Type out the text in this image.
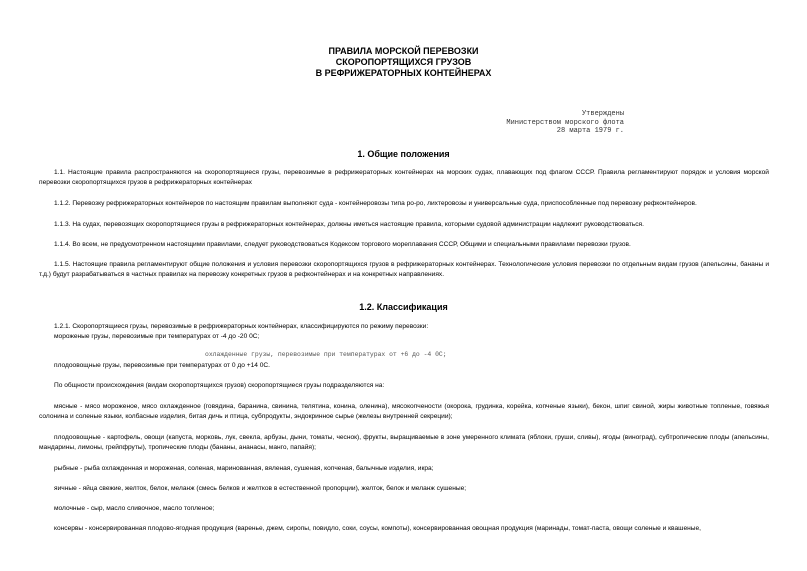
ПРАВИЛА МОРСКОЙ ПЕРЕВОЗКИ
СКОРОПОРТЯЩИХСЯ ГРУЗОВ
В РЕФРИЖЕРАТОРНЫХ КОНТЕЙНЕРАХ
Утверждены
Министерством морского флота
28 марта 1979 г.
1. Общие положения

1.1. Настоящие правила распространяются на скоропортящиеся грузы, перевозимые в рефрижераторных контейнерах на морских судах, плавающих под флагом СССР. Правила регламентируют порядок и условия морской перевозки скоропортящихся грузов в рефрижераторных контейнерах

1.1.2. Перевозку рефрижераторных контейнеров по настоящим правилам выполняют суда - контейнеровозы типа ро-ро, лихтеровозы и универсальные суда, приспособленные под перевозку рефконтейнеров.

1.1.3. На судах, перевозящих скоропортящиеся грузы в рефрижераторных контейнерах, должны иметься настоящие правила, которыми судовой администрации надлежит руководствоваться.

1.1.4. Во всем, не предусмотренном настоящими правилами, следует руководствоваться Кодексом торгового мореплавания СССР, Общими и специальными правилами перевозки грузов.

1.1.5. Настоящие правила регламентируют общие положения и условия перевозки скоропортящихся грузов в рефрижераторных контейнерах. Технологические условия перевозки по отдельным видам грузов (апельсины, бананы и т.д.) будут разрабатываться в частных правилах на перевозку конкретных грузов в рефконтейнерах и на конкретных направлениях.

1.2. Классификация

1.2.1. Скоропортящиеся грузы, перевозимые в рефрижераторных контейнерах, классифицируются по режиму перевозки:

мороженые грузы, перевозимые при температурах от -4 до -20 0С;

охлажденные грузы, перевозимые при температурах от +6 до -4 0С;

плодоовощные грузы, перевозимые при температурах от 0 до +14 0С.

По общности происхождения (видам скоропортящихся грузов) скоропортящиеся грузы подразделяются на:

мясные - мясо мороженое, мясо охлажденное (говядина, баранина, свинина, телятина, конина, оленина), мясокопчености (окорока, грудинка, корейка, копченые языки), бекон, шпиг свиной, жиры животные топленые, говяжья солонина и соленые языки, колбасные изделия, битая дичь и птица, субпродукты, эндокринное сырье (железы внутренней секреции);

плодоовощные - картофель, овощи (капуста, морковь, лук, свекла, арбузы, дыни, томаты, чеснок), фрукты, выращиваемые в зоне умеренного климата (яблоки, груши, сливы), ягоды (виноград), субтропические плоды (апельсины, мандарины, лимоны, грейпфруты), тропические плоды (бананы, ананасы, манго, папайя);

рыбные - рыба охлажденная и мороженая, соленая, маринованная, вяленая, сушеная, копченая, балычные изделия, икра;

яичные - яйца свежие, желток, белок, меланж (смесь белков и желтков в естественной пропорции), желток, белок и меланж сушеные;

молочные - сыр, масло сливочное, масло топленое;

консервы - консервированная плодово-ягодная продукция (варенье, джем, сиропы, повидло, соки, соусы, компоты), консервированная овощная продукция (маринады, томат-паста, овощи соленые и квашеные,
